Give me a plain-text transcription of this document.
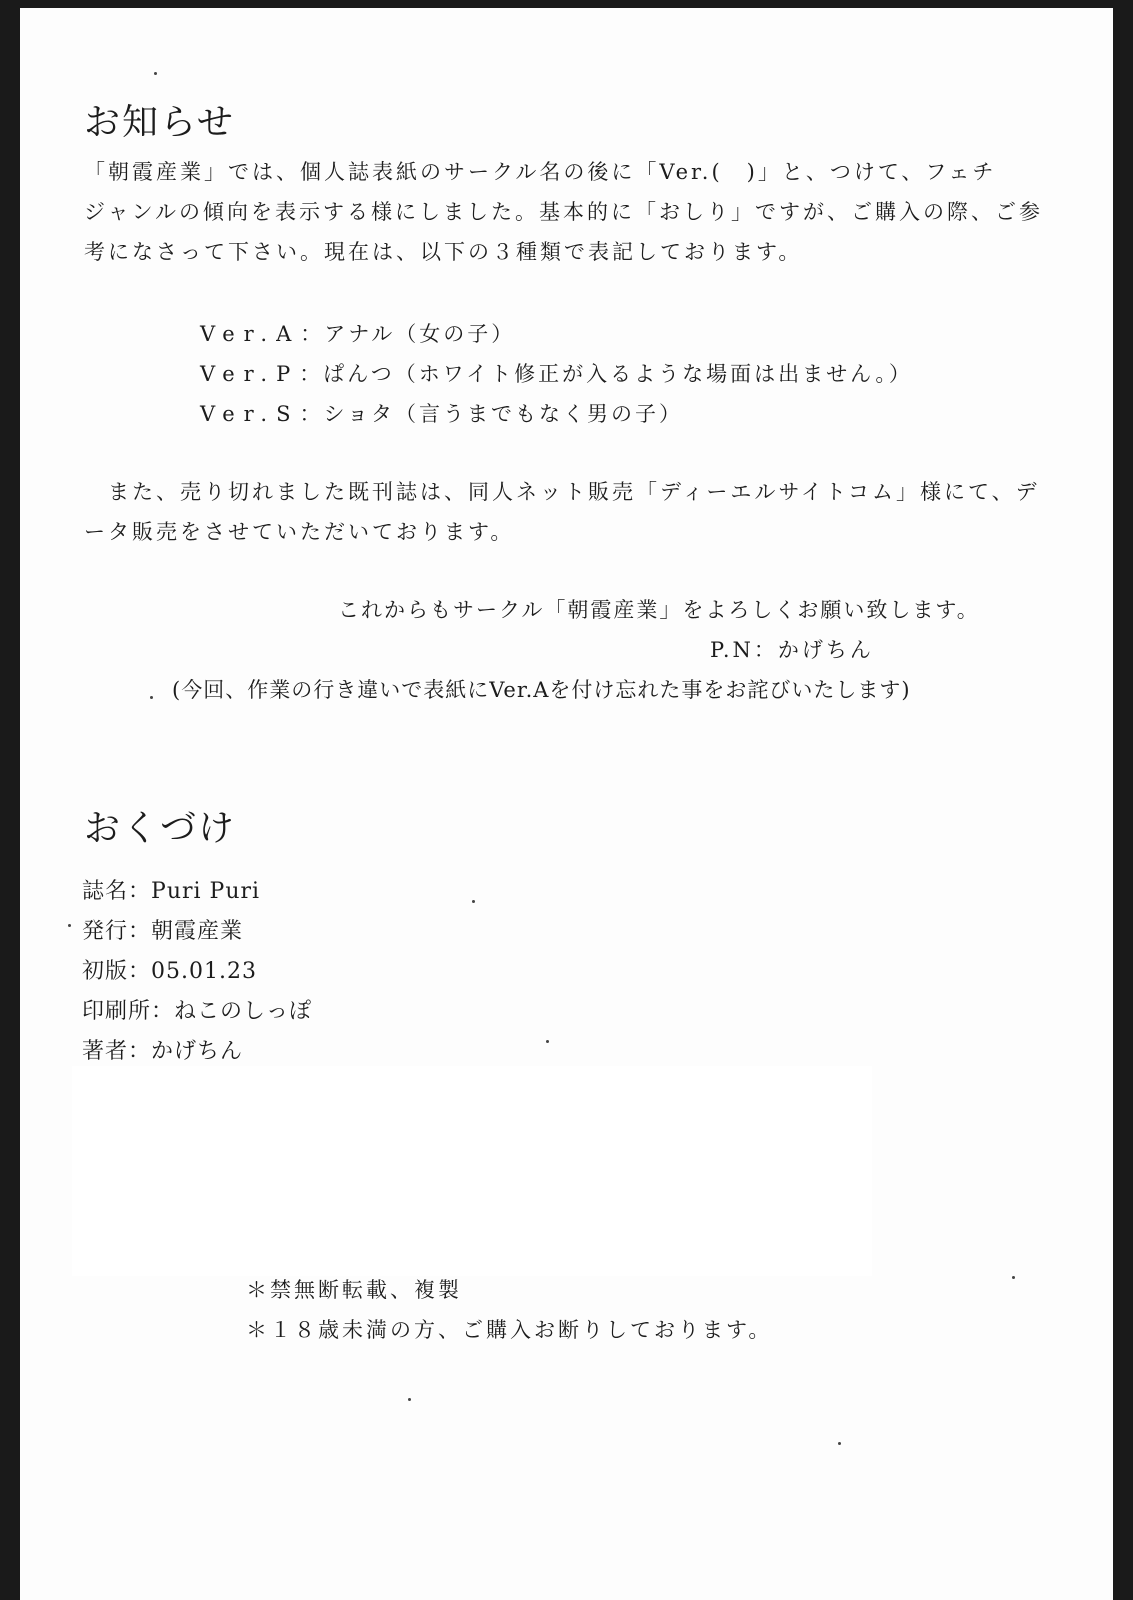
お知らせ
「朝霞産業」では、個人誌表紙のサークル名の後に「Ver.(　)」と、つけて、フェチ
ジャンルの傾向を表示する様にしました。基本的に「おしり」ですが、ご購入の際、ご参
考になさって下さい。現在は、以下の３種類で表記しております。
Ver.A：アナル（女の子）
Ver.P：ぱんつ（ホワイト修正が入るような場面は出ません。）
Ver.S：ショタ（言うまでもなく男の子）
　また、売り切れました既刊誌は、同人ネット販売「ディーエルサイトコム」様にて、デ
ータ販売をさせていただいております。
これからもサークル「朝霞産業」をよろしくお願い致します。
P.N：かげちん
(今回、作業の行き違いで表紙にVer.Aを付け忘れた事をお詫びいたします)
おくづけ
誌名：Puri Puri
発行：朝霞産業
初版：05.01.23
印刷所：ねこのしっぽ
著者：かげちん
＊禁無断転載、複製
＊１８歳未満の方、ご購入お断りしております。
